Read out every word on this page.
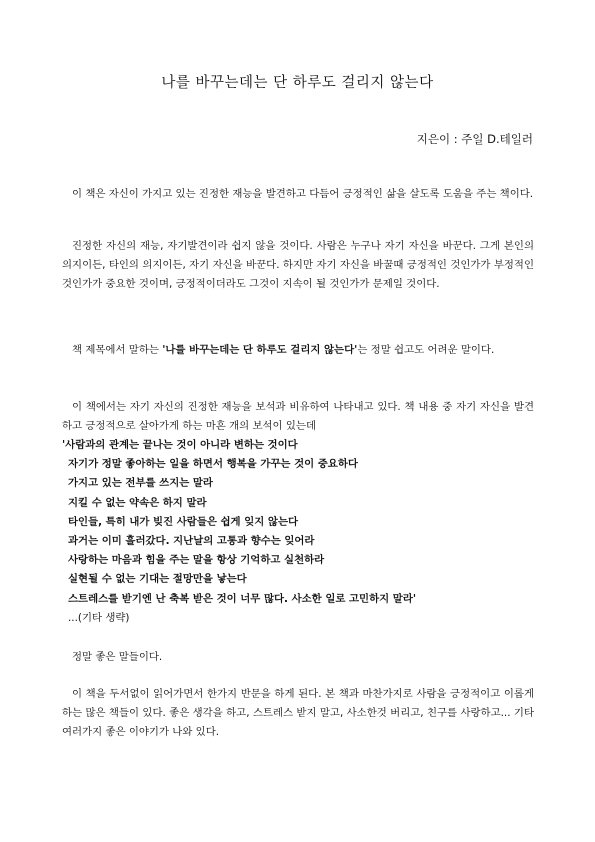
나를 바꾸는데는 단 하루도 걸리지 않는다
지은이 : 주일 D.테일러

이 책은 자신이 가지고 있는 진정한 재능을 발견하고 다듬어 긍정적인 삶을 살도록 도움을 주는 책이다.

진정한 자신의 재능, 자기발견이라 쉽지 않을 것이다. 사람은 누구나 자기 자신을 바꾼다. 그게 본인의 의지이든, 타인의 의지이든, 자기 자신을 바꾼다. 하지만 자기 자신을 바꿀때 긍정적인 것인가가 부정적인 것인가가 중요한 것이며, 긍정적이더라도 그것이 지속이 될 것인가가 문제일 것이다.

책 제목에서 말하는 '나를 바꾸는데는 단 하루도 걸리지 않는다'는 정말 쉽고도 어려운 말이다.

이 책에서는 자기 자신의 진정한 재능을 보석과 비유하여 나타내고 있다. 책 내용 중 자기 자신을 발견하고 긍정적으로 살아가게 하는 마흔 개의 보석이 있는데

'사람과의 관계는 끝나는 것이 아니라 변하는 것이다
자기가 정말 좋아하는 일을 하면서 행복을 가꾸는 것이 중요하다
가지고 있는 전부를 쓰지는 말라
지킬 수 없는 약속은 하지 말라
타인들, 특히 내가 빚진 사람들은 쉽게 잊지 않는다
과거는 이미 흘러갔다. 지난날의 고통과 향수는 잊어라
사랑하는 마음과 힘을 주는 말을 항상 기억하고 실천하라
실현될 수 없는 기대는 절망만을 낳는다
스트레스를 받기엔 난 축복 받은 것이 너무 많다. 사소한 일로 고민하지 말라'
...(기타 생략)

정말 좋은 말들이다.

이 책을 두서없이 읽어가면서 한가지 반문을 하게 된다. 본 책과 마찬가지로 사람을 긍정적이고 이롭게 하는 많은 책들이 있다. 좋은 생각을 하고, 스트레스 받지 말고, 사소한것 버리고, 친구를 사랑하고... 기타 여러가지 좋은 이야기가 나와 있다.
